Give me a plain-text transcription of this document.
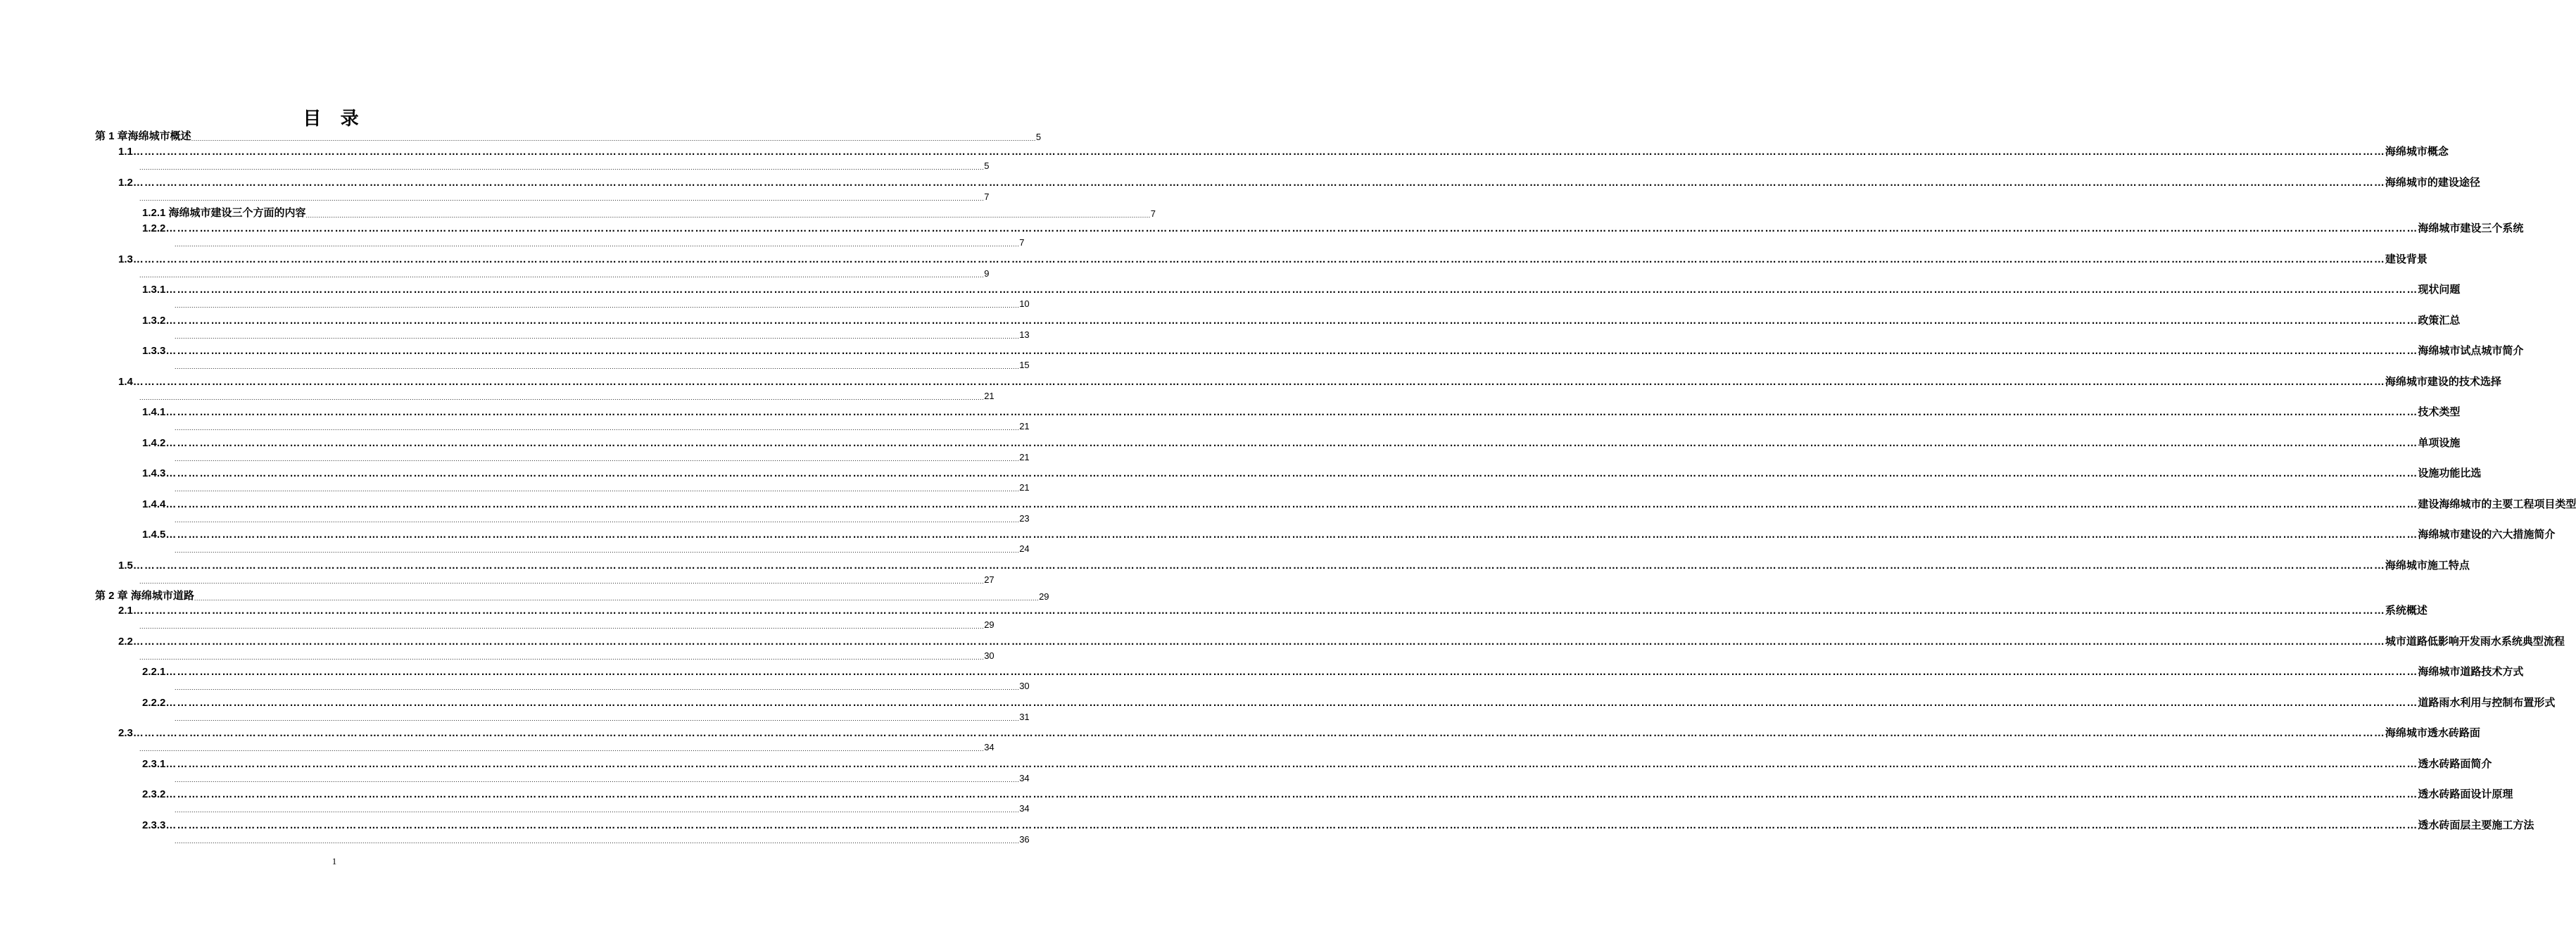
目 录
第 1 章海绵城市概述 ................................................................................................................................................................................................................................................................................................................................................................................................................ 5
1.1 …………………………………………………………………………………………………………………………………………………………………………………………………………………………………………………………………………………………………………………………………………………………………………………………………………………………………………………………………………………………………………………………………………………… 海绵城市概念
................................................................................................................................................................................................................................................................................................................................................................................................................ 5
1.2 …………………………………………………………………………………………………………………………………………………………………………………………………………………………………………………………………………………………………………………………………………………………………………………………………………………………………………………………………………………………………………………………………………………… 海绵城市的建设途径
................................................................................................................................................................................................................................................................................................................................................................................................................ 7
1.2.1 海绵城市建设三个方面的内容 ................................................................................................................................................................................................................................................................................................................................................................................................................ 7
1.2.2 …………………………………………………………………………………………………………………………………………………………………………………………………………………………………………………………………………………………………………………………………………………………………………………………………………………………………………………………………………………………………………………………………………………… 海绵城市建设三个系统
................................................................................................................................................................................................................................................................................................................................................................................................................ 7
1.3 …………………………………………………………………………………………………………………………………………………………………………………………………………………………………………………………………………………………………………………………………………………………………………………………………………………………………………………………………………………………………………………………………………………… 建设背景
................................................................................................................................................................................................................................................................................................................................................................................................................ 9
1.3.1 …………………………………………………………………………………………………………………………………………………………………………………………………………………………………………………………………………………………………………………………………………………………………………………………………………………………………………………………………………………………………………………………………………………… 现状问题
................................................................................................................................................................................................................................................................................................................................................................................................................ 10
1.3.2 …………………………………………………………………………………………………………………………………………………………………………………………………………………………………………………………………………………………………………………………………………………………………………………………………………………………………………………………………………………………………………………………………………………… 政策汇总
................................................................................................................................................................................................................................................................................................................................................................................................................ 13
1.3.3 …………………………………………………………………………………………………………………………………………………………………………………………………………………………………………………………………………………………………………………………………………………………………………………………………………………………………………………………………………………………………………………………………………………… 海绵城市试点城市简介
................................................................................................................................................................................................................................................................................................................................................................................................................ 15
1.4 …………………………………………………………………………………………………………………………………………………………………………………………………………………………………………………………………………………………………………………………………………………………………………………………………………………………………………………………………………………………………………………………………………………… 海绵城市建设的技术选择
................................................................................................................................................................................................................................................................................................................................................................................................................ 21
1.4.1 …………………………………………………………………………………………………………………………………………………………………………………………………………………………………………………………………………………………………………………………………………………………………………………………………………………………………………………………………………………………………………………………………………………… 技术类型
................................................................................................................................................................................................................................................................................................................................................................................................................ 21
1.4.2 …………………………………………………………………………………………………………………………………………………………………………………………………………………………………………………………………………………………………………………………………………………………………………………………………………………………………………………………………………………………………………………………………………………… 单项设施
................................................................................................................................................................................................................................................................................................................................................................................................................ 21
1.4.3 …………………………………………………………………………………………………………………………………………………………………………………………………………………………………………………………………………………………………………………………………………………………………………………………………………………………………………………………………………………………………………………………………………………… 设施功能比选
................................................................................................................................................................................................................................................................................................................................................................................................................ 21
1.4.4 …………………………………………………………………………………………………………………………………………………………………………………………………………………………………………………………………………………………………………………………………………………………………………………………………………………………………………………………………………………………………………………………………………………… 建设海绵城市的主要工程项目类型
................................................................................................................................................................................................................................................................................................................................................................................................................ 23
1.4.5 …………………………………………………………………………………………………………………………………………………………………………………………………………………………………………………………………………………………………………………………………………………………………………………………………………………………………………………………………………………………………………………………………………………… 海绵城市建设的六大措施简介
................................................................................................................................................................................................................................................................................................................................................................................................................ 24
1.5 …………………………………………………………………………………………………………………………………………………………………………………………………………………………………………………………………………………………………………………………………………………………………………………………………………………………………………………………………………………………………………………………………………………… 海绵城市施工特点
................................................................................................................................................................................................................................................................................................................................................................................................................ 27
第 2 章 海绵城市道路 ................................................................................................................................................................................................................................................................................................................................................................................................................ 29
2.1 …………………………………………………………………………………………………………………………………………………………………………………………………………………………………………………………………………………………………………………………………………………………………………………………………………………………………………………………………………………………………………………………………………………… 系统概述
................................................................................................................................................................................................................................................................................................................................................................................................................ 29
2.2 …………………………………………………………………………………………………………………………………………………………………………………………………………………………………………………………………………………………………………………………………………………………………………………………………………………………………………………………………………………………………………………………………………………… 城市道路低影响开发雨水系统典型流程
................................................................................................................................................................................................................................................................................................................................................................................................................ 30
2.2.1 …………………………………………………………………………………………………………………………………………………………………………………………………………………………………………………………………………………………………………………………………………………………………………………………………………………………………………………………………………………………………………………………………………………… 海绵城市道路技术方式
................................................................................................................................................................................................................................................................................................................................................................................................................ 30
2.2.2 …………………………………………………………………………………………………………………………………………………………………………………………………………………………………………………………………………………………………………………………………………………………………………………………………………………………………………………………………………………………………………………………………………………… 道路雨水利用与控制布置形式
................................................................................................................................................................................................................................................................................................................................................................................................................ 31
2.3 …………………………………………………………………………………………………………………………………………………………………………………………………………………………………………………………………………………………………………………………………………………………………………………………………………………………………………………………………………………………………………………………………………………… 海绵城市透水砖路面
................................................................................................................................................................................................................................................................................................................................................................................................................ 34
2.3.1 …………………………………………………………………………………………………………………………………………………………………………………………………………………………………………………………………………………………………………………………………………………………………………………………………………………………………………………………………………………………………………………………………………………… 透水砖路面简介
................................................................................................................................................................................................................................................................................................................................................................................................................ 34
2.3.2 …………………………………………………………………………………………………………………………………………………………………………………………………………………………………………………………………………………………………………………………………………………………………………………………………………………………………………………………………………………………………………………………………………………… 透水砖路面设计原理
................................................................................................................................................................................................................................................................................................................................................................................................................ 34
2.3.3 …………………………………………………………………………………………………………………………………………………………………………………………………………………………………………………………………………………………………………………………………………………………………………………………………………………………………………………………………………………………………………………………………………………… 透水砖面层主要施工方法
................................................................................................................................................................................................................................................................................................................................................................................................................ 36
1
